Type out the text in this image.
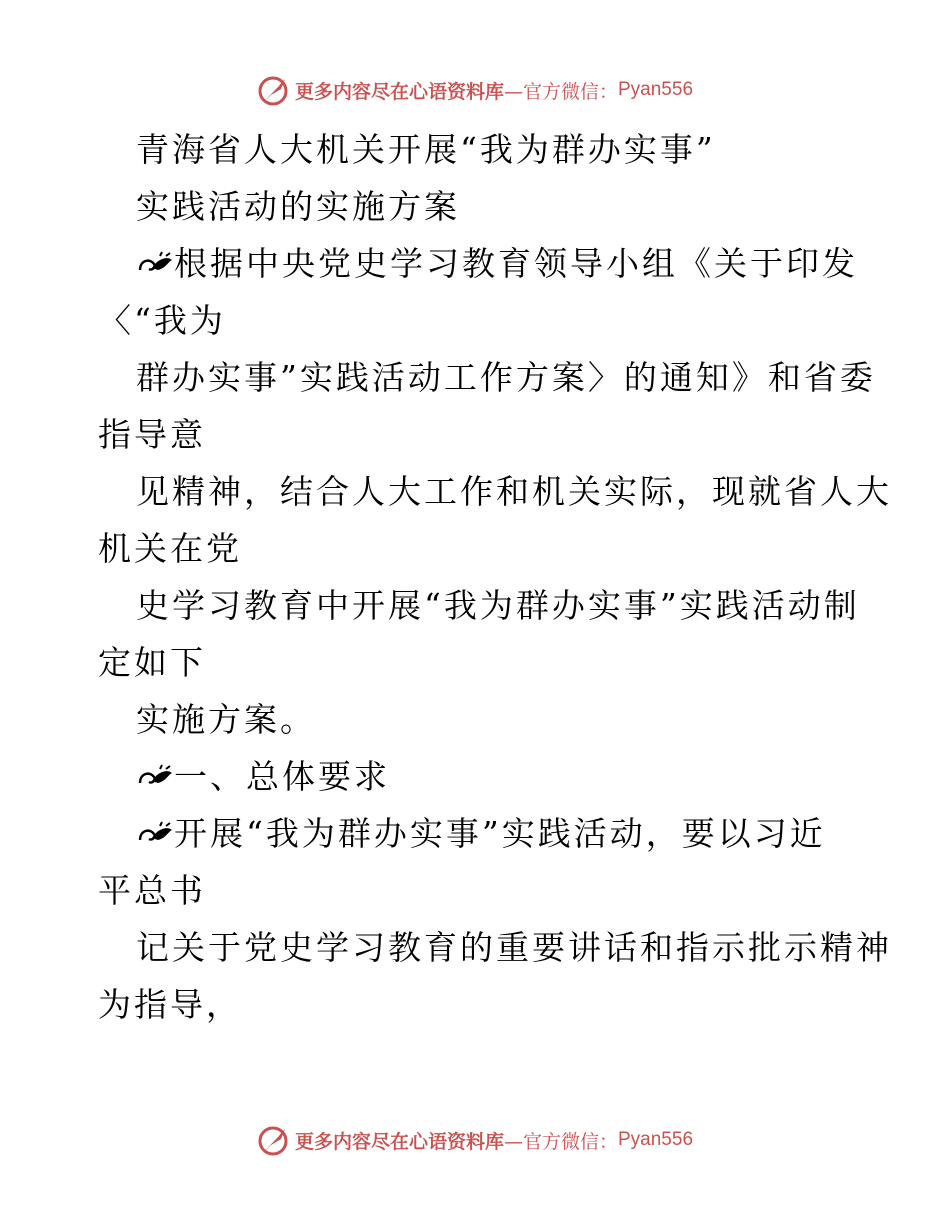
更多内容尽在心语资料库 —官方微信： Pyan556
青海省人大机关开展“我为群办实事”
实践活动的实施方案
根据中央党史学习教育领导小组《关于印发
〈“我为
群办实事”实践活动工作方案〉的通知》和省委
指导意
见精神，结合人大工作和机关实际，现就省人大
机关在党
史学习教育中开展“我为群办实事”实践活动制
定如下
实施方案。
一、总体要求
开展“我为群办实事”实践活动，要以习近
平总书
记关于党史学习教育的重要讲话和指示批示精神
为指导，
更多内容尽在心语资料库 —官方微信： Pyan556
